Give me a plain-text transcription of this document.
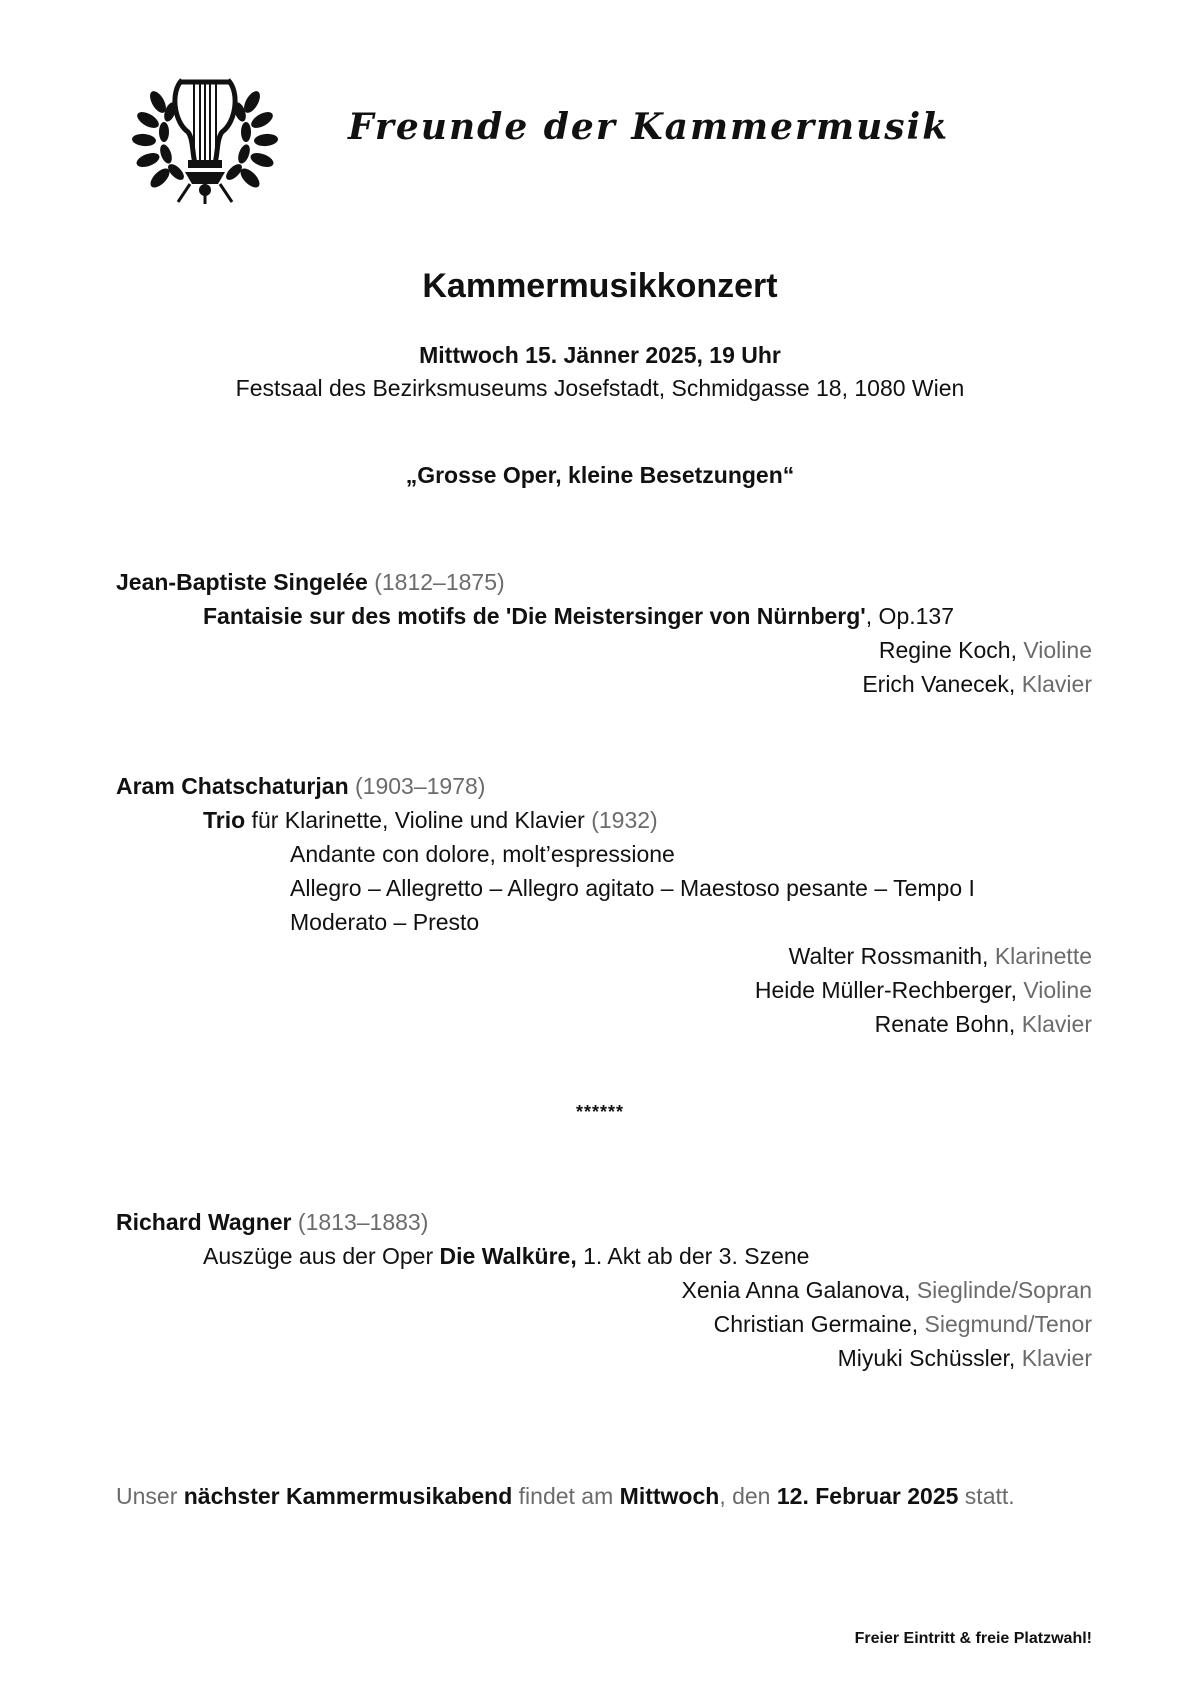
Freunde der Kammermusik
Kammermusikkonzert
Mittwoch 15. Jänner 2025, 19 Uhr
Festsaal des Bezirksmuseums Josefstadt, Schmidgasse 18, 1080 Wien
„Grosse Oper, kleine Besetzungen“
Jean-Baptiste Singelée (1812–1875)
Fantaisie sur des motifs de 'Die Meistersinger von Nürnberg', Op.137
Regine Koch, Violine
Erich Vanecek, Klavier
Aram Chatschaturjan (1903–1978)
Trio für Klarinette, Violine und Klavier (1932)
Andante con dolore, molt’espressione
Allegro – Allegretto – Allegro agitato – Maestoso pesante – Tempo I
Moderato – Presto
Walter Rossmanith, Klarinette
Heide Müller-Rechberger, Violine
Renate Bohn, Klavier
******
Richard Wagner (1813–1883)
Auszüge aus der Oper Die Walküre, 1. Akt ab der 3. Szene
Xenia Anna Galanova, Sieglinde/Sopran
Christian Germaine, Siegmund/Tenor
Miyuki Schüssler, Klavier
Unser nächster Kammermusikabend findet am Mittwoch, den 12. Februar 2025 statt.
Freier Eintritt & freie Platzwahl!
